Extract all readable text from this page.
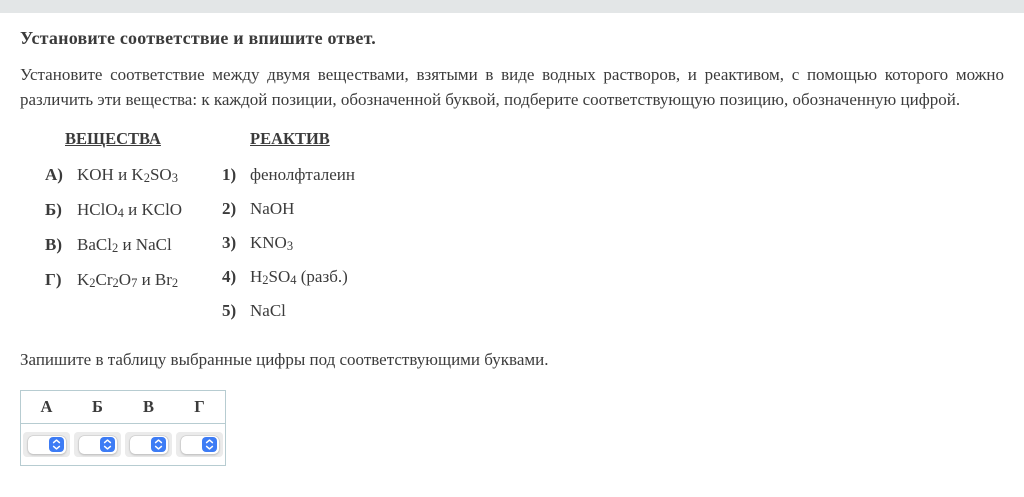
Установите соответствие и впишите ответ.

Установите соответствие между двумя веществами, взятыми в виде водных растворов, и реактивом, с помощью которого можно различить эти вещества: к каждой позиции, обозначенной буквой, подберите соответствующую позицию, обозначенную цифрой.

ВЕЩЕСТВА
А) KOH и $K_2SO_3$
Б) HClO$_4$ и KClO
В) BaCl$_2$ и NaCl
Г) $K_2Cr_2O_7$ и $Br_2$
РЕАКТИВ
1) фенолфталеин
2) NaOH
3) $KNO_3$
4) $H_2SO_4$ (разб.)
5) NaCl

Запишите в таблицу выбранные цифры под соответствующими буквами.

А	Б	В	Г
